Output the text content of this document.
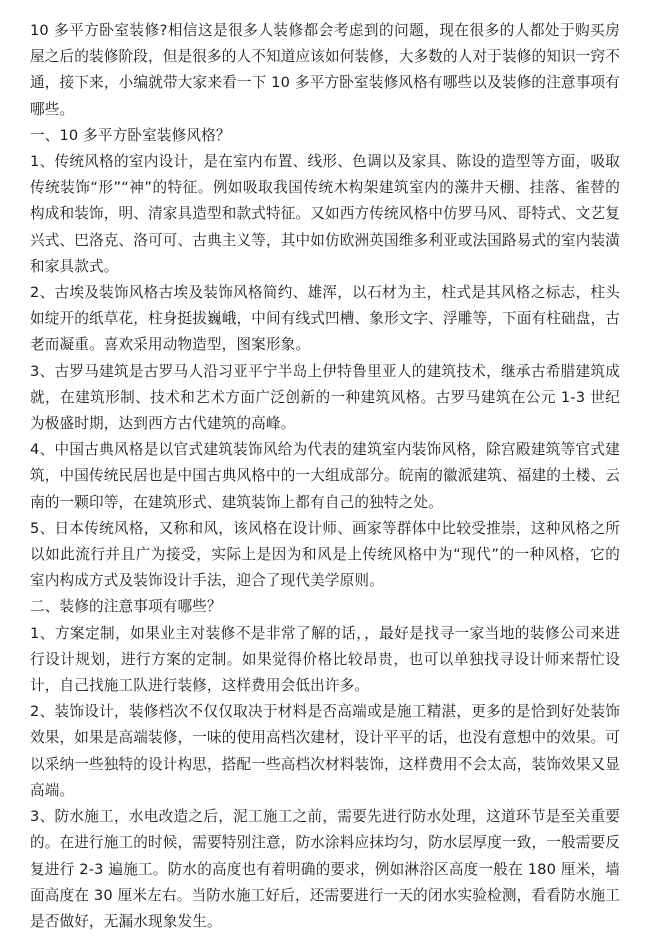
10 多平方卧室装修?相信这是很多人装修都会考虑到的问题，现在很多的人都处于购买房屋之后的装修阶段，但是很多的人不知道应该如何装修，大多数的人对于装修的知识一窍不通，接下来，小编就带大家来看一下 10 多平方卧室装修风格有哪些以及装修的注意事项有哪些。

一、10 多平方卧室装修风格？

1、传统风格的室内设计，是在室内布置、线形、色调以及家具、陈设的造型等方面，吸取传统装饰“形”“神”的特征。例如吸取我国传统木构架建筑室内的藻井天棚、挂落、雀替的构成和装饰，明、清家具造型和款式特征。又如西方传统风格中仿罗马风、哥特式、文艺复兴式、巴洛克、洛可可、古典主义等，其中如仿欧洲英国维多利亚或法国路易式的室内装潢和家具款式。

2、古埃及装饰风格古埃及装饰风格简约、雄浑，以石材为主，柱式是其风格之标志，柱头如绽开的纸草花，柱身挺拔巍峨，中间有线式凹槽、象形文字、浮雕等，下面有柱础盘，古老而凝重。喜欢采用动物造型，图案形象。

3、古罗马建筑是古罗马人沿习亚平宁半岛上伊特鲁里亚人的建筑技术，继承古希腊建筑成就，在建筑形制、技术和艺术方面广泛创新的一种建筑风格。古罗马建筑在公元 1-3 世纪为极盛时期，达到西方古代建筑的高峰。

4、中国古典风格是以官式建筑装饰风给为代表的建筑室内装饰风格，除宫殿建筑等官式建筑，中国传统民居也是中国古典风格中的一大组成部分。皖南的徽派建筑、福建的土楼、云南的一颗印等，在建筑形式、建筑装饰上都有自己的独特之处。

5、日本传统风格，又称和风，该风格在设计师、画家等群体中比较受推崇，这种风格之所以如此流行并且广为接受，实际上是因为和风是上传统风格中为“现代”的一种风格，它的室内构成方式及装饰设计手法，迎合了现代美学原则。

二、装修的注意事项有哪些？

1、方案定制，如果业主对装修不是非常了解的话，，最好是找寻一家当地的装修公司来进行设计规划，进行方案的定制。如果觉得价格比较昂贵，也可以单独找寻设计师来帮忙设计，自己找施工队进行装修，这样费用会低出许多。

2、装饰设计，装修档次不仅仅取决于材料是否高端或是施工精湛，更多的是恰到好处装饰效果，如果是高端装修，一味的使用高档次建材，设计平平的话，也没有意想中的效果。可以采纳一些独特的设计构思，搭配一些高档次材料装饰，这样费用不会太高，装饰效果又显高端。

3、防水施工，水电改造之后，泥工施工之前，需要先进行防水处理，这道环节是至关重要的。在进行施工的时候，需要特别注意，防水涂料应抹均匀，防水层厚度一致，一般需要反复进行 2-3 遍施工。防水的高度也有着明确的要求，例如淋浴区高度一般在 180 厘米，墙面高度在 30 厘米左右。当防水施工好后，还需要进行一天的闭水实验检测，看看防水施工是否做好，无漏水现象发生。
